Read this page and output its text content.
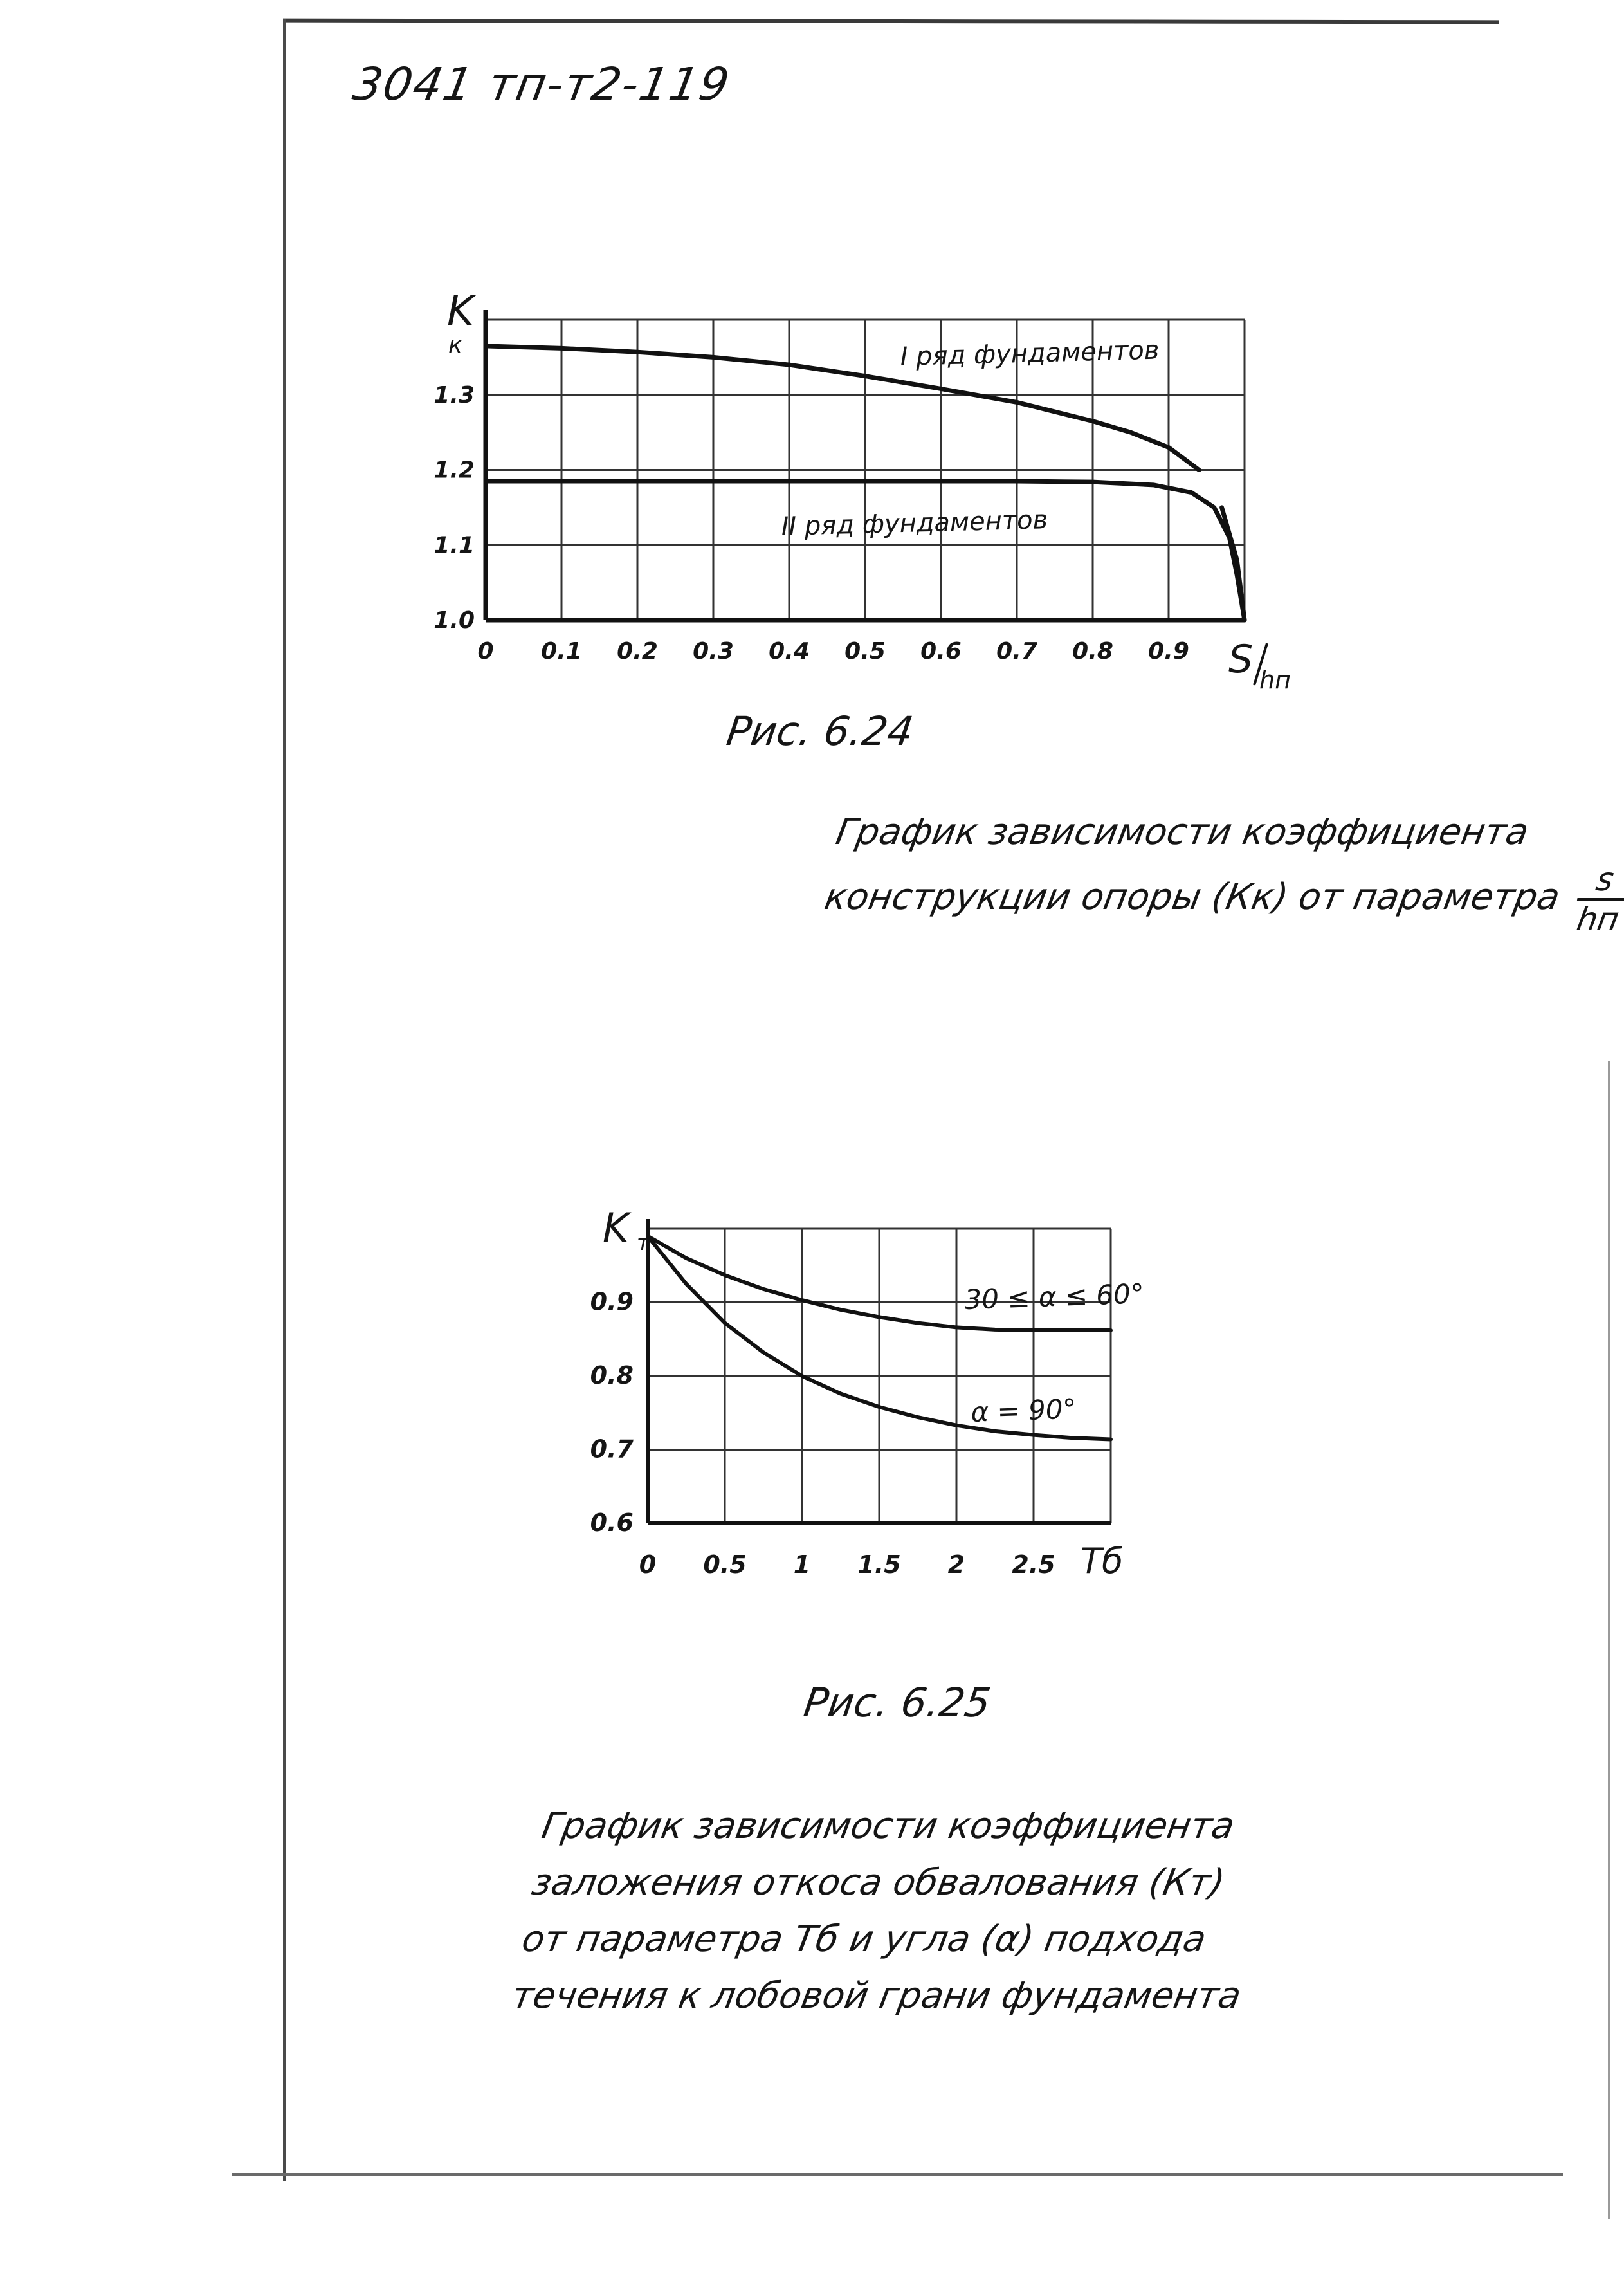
3041 тп-т2-119
0 0.1 0.2 0.3 0.4 0.5 0.6 0.7 0.8 0.9
1.0
1.1
1.2
1.3
K
к
S hп
I ряд фундаментов
II ряд фундаментов
Рис. 6.24
График зависимости коэффициента
конструкции опоры (Кк) от параметра $\frac{s}{hп}$
0 0.5 1 1.5 2 2.5
0.6
0.7
0.8
0.9
K т
Тб
30 ≤ α ≤ 60°
α = 90°
Рис. 6.25
График зависимости коэффициента
заложения откоса обвалования (Кт)
от параметра Тб и угла (α) подхода
течения к лобовой грани фундамента
